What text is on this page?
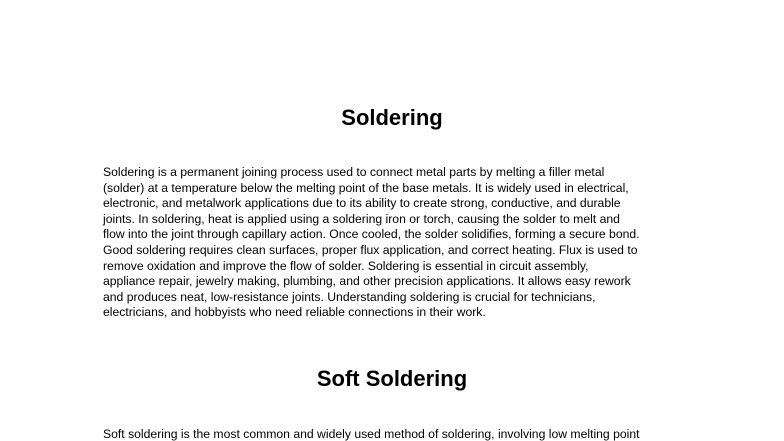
Soldering

Soldering is a permanent joining process used to connect metal parts by melting a filler metal
(solder) at a temperature below the melting point of the base metals. It is widely used in electrical,
electronic, and metalwork applications due to its ability to create strong, conductive, and durable
joints. In soldering, heat is applied using a soldering iron or torch, causing the solder to melt and
flow into the joint through capillary action. Once cooled, the solder solidifies, forming a secure bond.
Good soldering requires clean surfaces, proper flux application, and correct heating. Flux is used to
remove oxidation and improve the flow of solder. Soldering is essential in circuit assembly,
appliance repair, jewelry making, plumbing, and other precision applications. It allows easy rework
and produces neat, low-resistance joints. Understanding soldering is crucial for technicians,
electricians, and hobbyists who need reliable connections in their work.

Soft Soldering

Soft soldering is the most common and widely used method of soldering, involving low melting point
